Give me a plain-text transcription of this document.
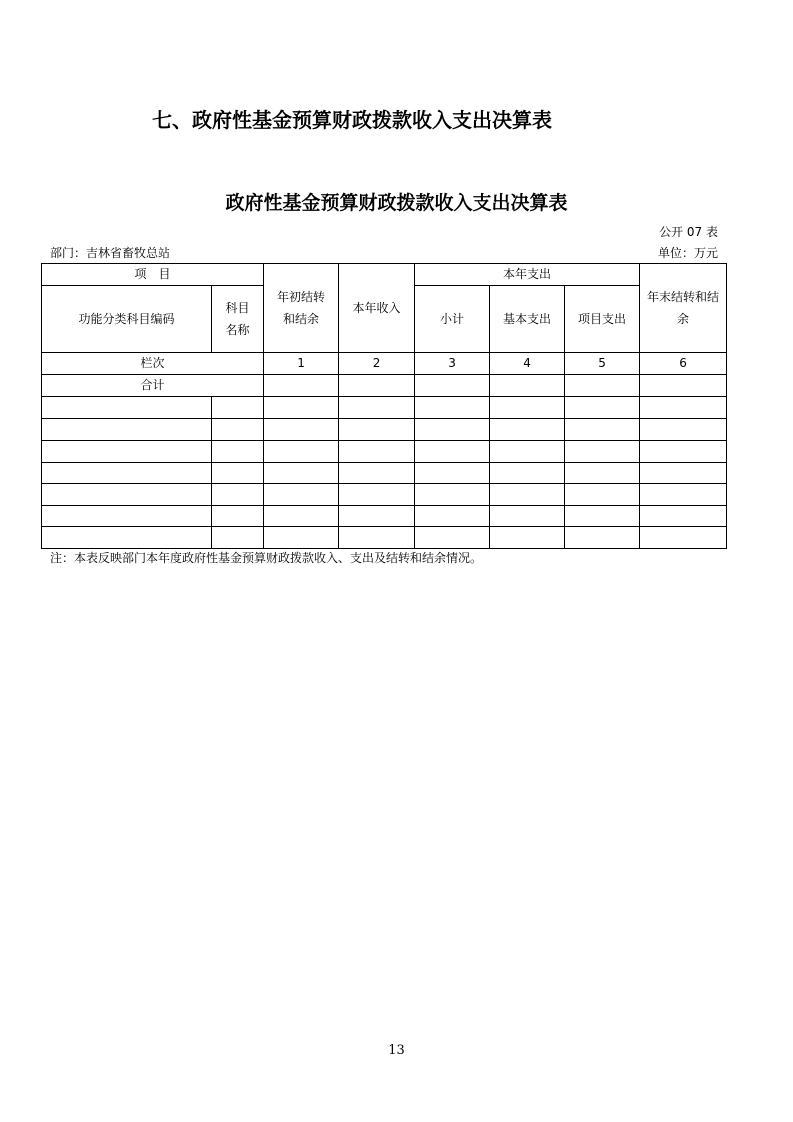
七、政府性基金预算财政拨款收入支出决算表
政府性基金预算财政拨款收入支出决算表
公开 07 表
部门：吉林省畜牧总站	单位：万元
项　目		年初结转和结余	本年收入	本年支出			年末结转和结余

功能分类科目编码	科目名称			小计	基本支出	项目支出	
栏次		1	2	3	4	5	6
合计							

注：本表反映部门本年度政府性基金预算财政拨款收入、支出及结转和结余情况。
13
